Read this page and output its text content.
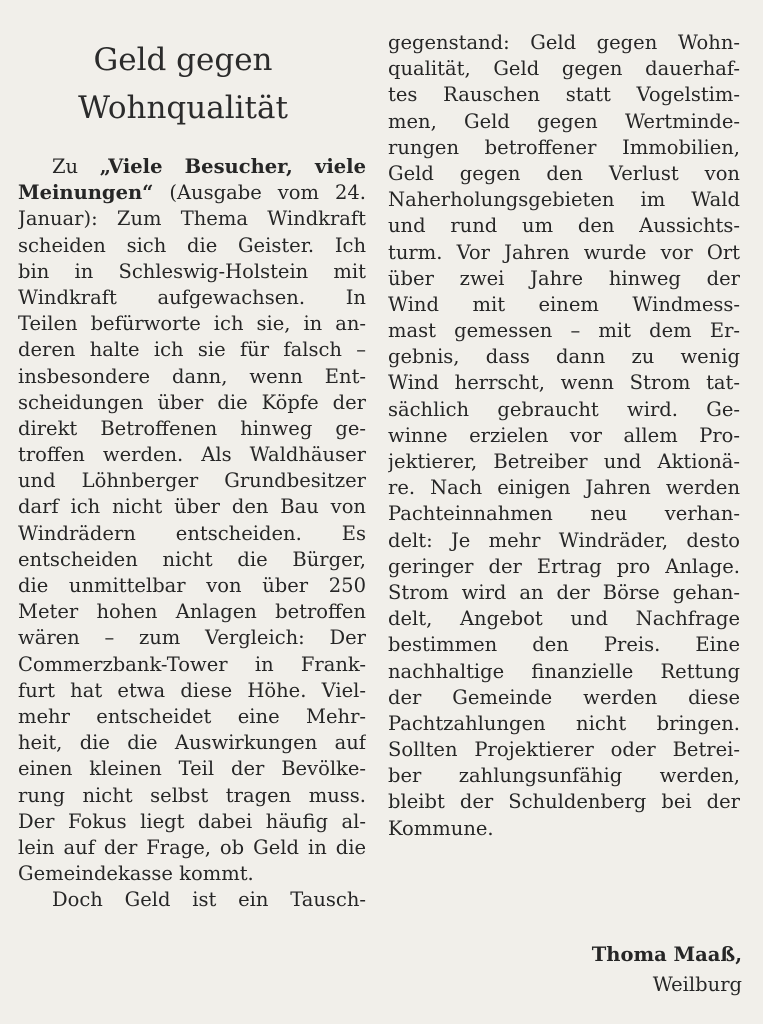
Geld gegen
Wohnqualität
Zu „Viele Besucher, viele
Meinungen“ (Ausgabe vom 24.
Januar): Zum Thema Windkraft
scheiden sich die Geister. Ich
bin in Schleswig-Holstein mit
Windkraft aufgewachsen. In
Teilen befürworte ich sie, in an-
deren halte ich sie für falsch –
insbesondere dann, wenn Ent-
scheidungen über die Köpfe der
direkt Betroffenen hinweg ge-
troffen werden. Als Waldhäuser
und Löhnberger Grundbesitzer
darf ich nicht über den Bau von
Windrädern entscheiden. Es
entscheiden nicht die Bürger,
die unmittelbar von über 250
Meter hohen Anlagen betroffen
wären – zum Vergleich: Der
Commerzbank-Tower in Frank-
furt hat etwa diese Höhe. Viel-
mehr entscheidet eine Mehr-
heit, die die Auswirkungen auf
einen kleinen Teil der Bevölke-
rung nicht selbst tragen muss.
Der Fokus liegt dabei häufig al-
lein auf der Frage, ob Geld in die
Gemeindekasse kommt.
Doch Geld ist ein Tausch-
gegenstand: Geld gegen Wohn-
qualität, Geld gegen dauerhaf-
tes Rauschen statt Vogelstim-
men, Geld gegen Wertminde-
rungen betroffener Immobilien,
Geld gegen den Verlust von
Naherholungsgebieten im Wald
und rund um den Aussichts-
turm. Vor Jahren wurde vor Ort
über zwei Jahre hinweg der
Wind mit einem Windmess-
mast gemessen – mit dem Er-
gebnis, dass dann zu wenig
Wind herrscht, wenn Strom tat-
sächlich gebraucht wird. Ge-
winne erzielen vor allem Pro-
jektierer, Betreiber und Aktionä-
re. Nach einigen Jahren werden
Pachteinnahmen neu verhan-
delt: Je mehr Windräder, desto
geringer der Ertrag pro Anlage.
Strom wird an der Börse gehan-
delt, Angebot und Nachfrage
bestimmen den Preis. Eine
nachhaltige finanzielle Rettung
der Gemeinde werden diese
Pachtzahlungen nicht bringen.
Sollten Projektierer oder Betrei-
ber zahlungsunfähig werden,
bleibt der Schuldenberg bei der
Kommune.
Thoma Maaß,
Weilburg
